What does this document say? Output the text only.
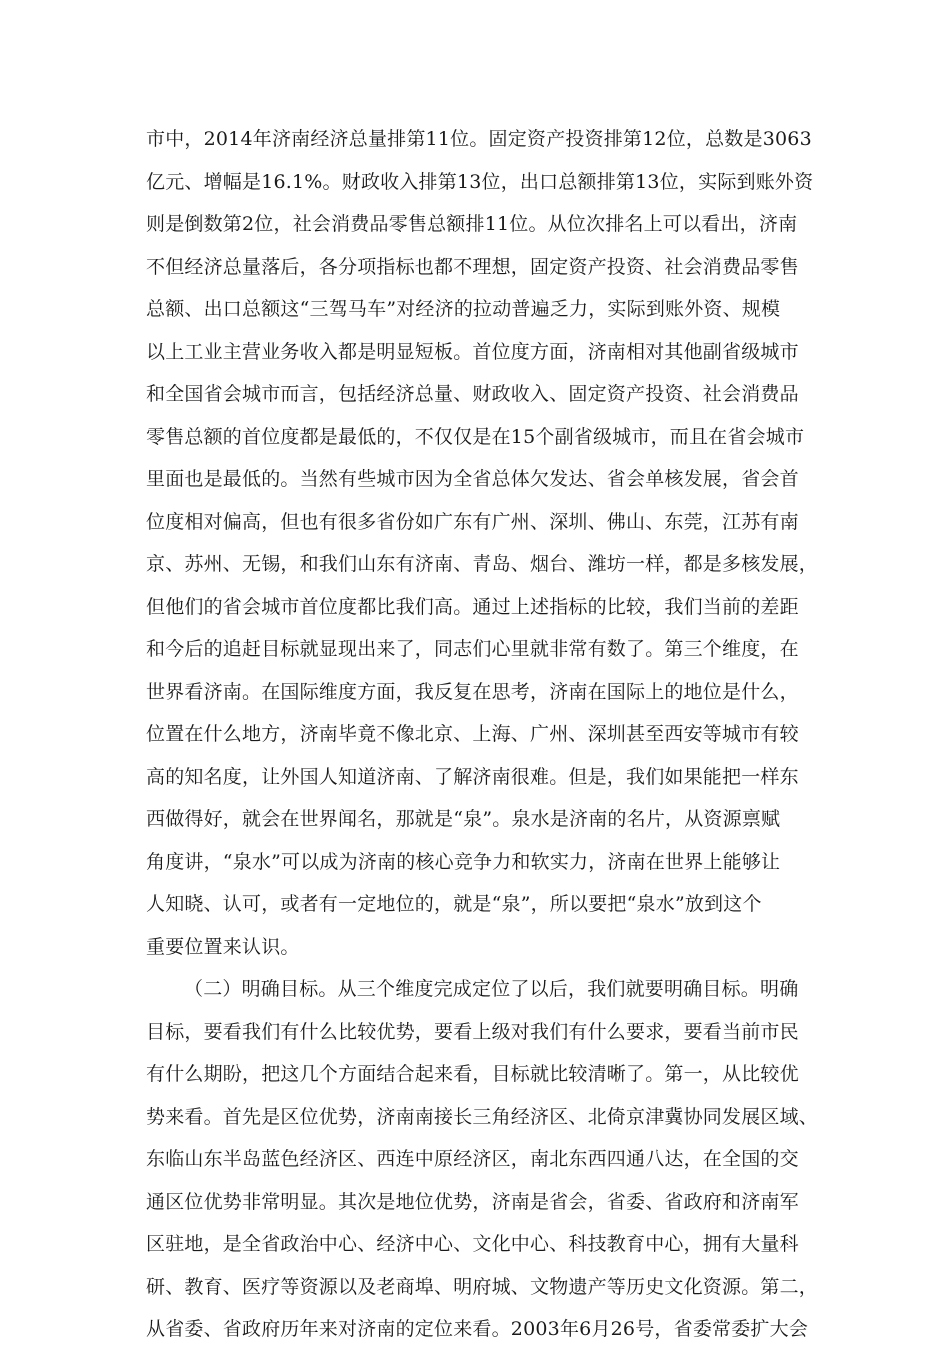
市中，2014年济南经济总量排第11位。固定资产投资排第12位，总数是3063
亿元、增幅是16.1%。财政收入排第13位，出口总额排第13位，实际到账外资
则是倒数第2位，社会消费品零售总额排11位。从位次排名上可以看出，济南
不但经济总量落后，各分项指标也都不理想，固定资产投资、社会消费品零售
总额、出口总额这“三驾马车”对经济的拉动普遍乏力，实际到账外资、规模
以上工业主营业务收入都是明显短板。首位度方面，济南相对其他副省级城市
和全国省会城市而言，包括经济总量、财政收入、固定资产投资、社会消费品
零售总额的首位度都是最低的，不仅仅是在15个副省级城市，而且在省会城市
里面也是最低的。当然有些城市因为全省总体欠发达、省会单核发展，省会首
位度相对偏高，但也有很多省份如广东有广州、深圳、佛山、东莞，江苏有南
京、苏州、无锡，和我们山东有济南、青岛、烟台、潍坊一样，都是多核发展，
但他们的省会城市首位度都比我们高。通过上述指标的比较，我们当前的差距
和今后的追赶目标就显现出来了，同志们心里就非常有数了。第三个维度，在
世界看济南。在国际维度方面，我反复在思考，济南在国际上的地位是什么，
位置在什么地方，济南毕竟不像北京、上海、广州、深圳甚至西安等城市有较
高的知名度，让外国人知道济南、了解济南很难。但是，我们如果能把一样东
西做得好，就会在世界闻名，那就是“泉”。泉水是济南的名片，从资源禀赋
角度讲，“泉水”可以成为济南的核心竞争力和软实力，济南在世界上能够让
人知晓、认可，或者有一定地位的，就是“泉”，所以要把“泉水”放到这个
重要位置来认识。
（二）明确目标。从三个维度完成定位了以后，我们就要明确目标。明确
目标，要看我们有什么比较优势，要看上级对我们有什么要求，要看当前市民
有什么期盼，把这几个方面结合起来看，目标就比较清晰了。第一，从比较优
势来看。首先是区位优势，济南南接长三角经济区、北倚京津冀协同发展区域、
东临山东半岛蓝色经济区、西连中原经济区，南北东西四通八达，在全国的交
通区位优势非常明显。其次是地位优势，济南是省会，省委、省政府和济南军
区驻地，是全省政治中心、经济中心、文化中心、科技教育中心，拥有大量科
研、教育、医疗等资源以及老商埠、明府城、文物遗产等历史文化资源。第二，
从省委、省政府历年来对济南的定位来看。2003年6月26号，省委常委扩大会
